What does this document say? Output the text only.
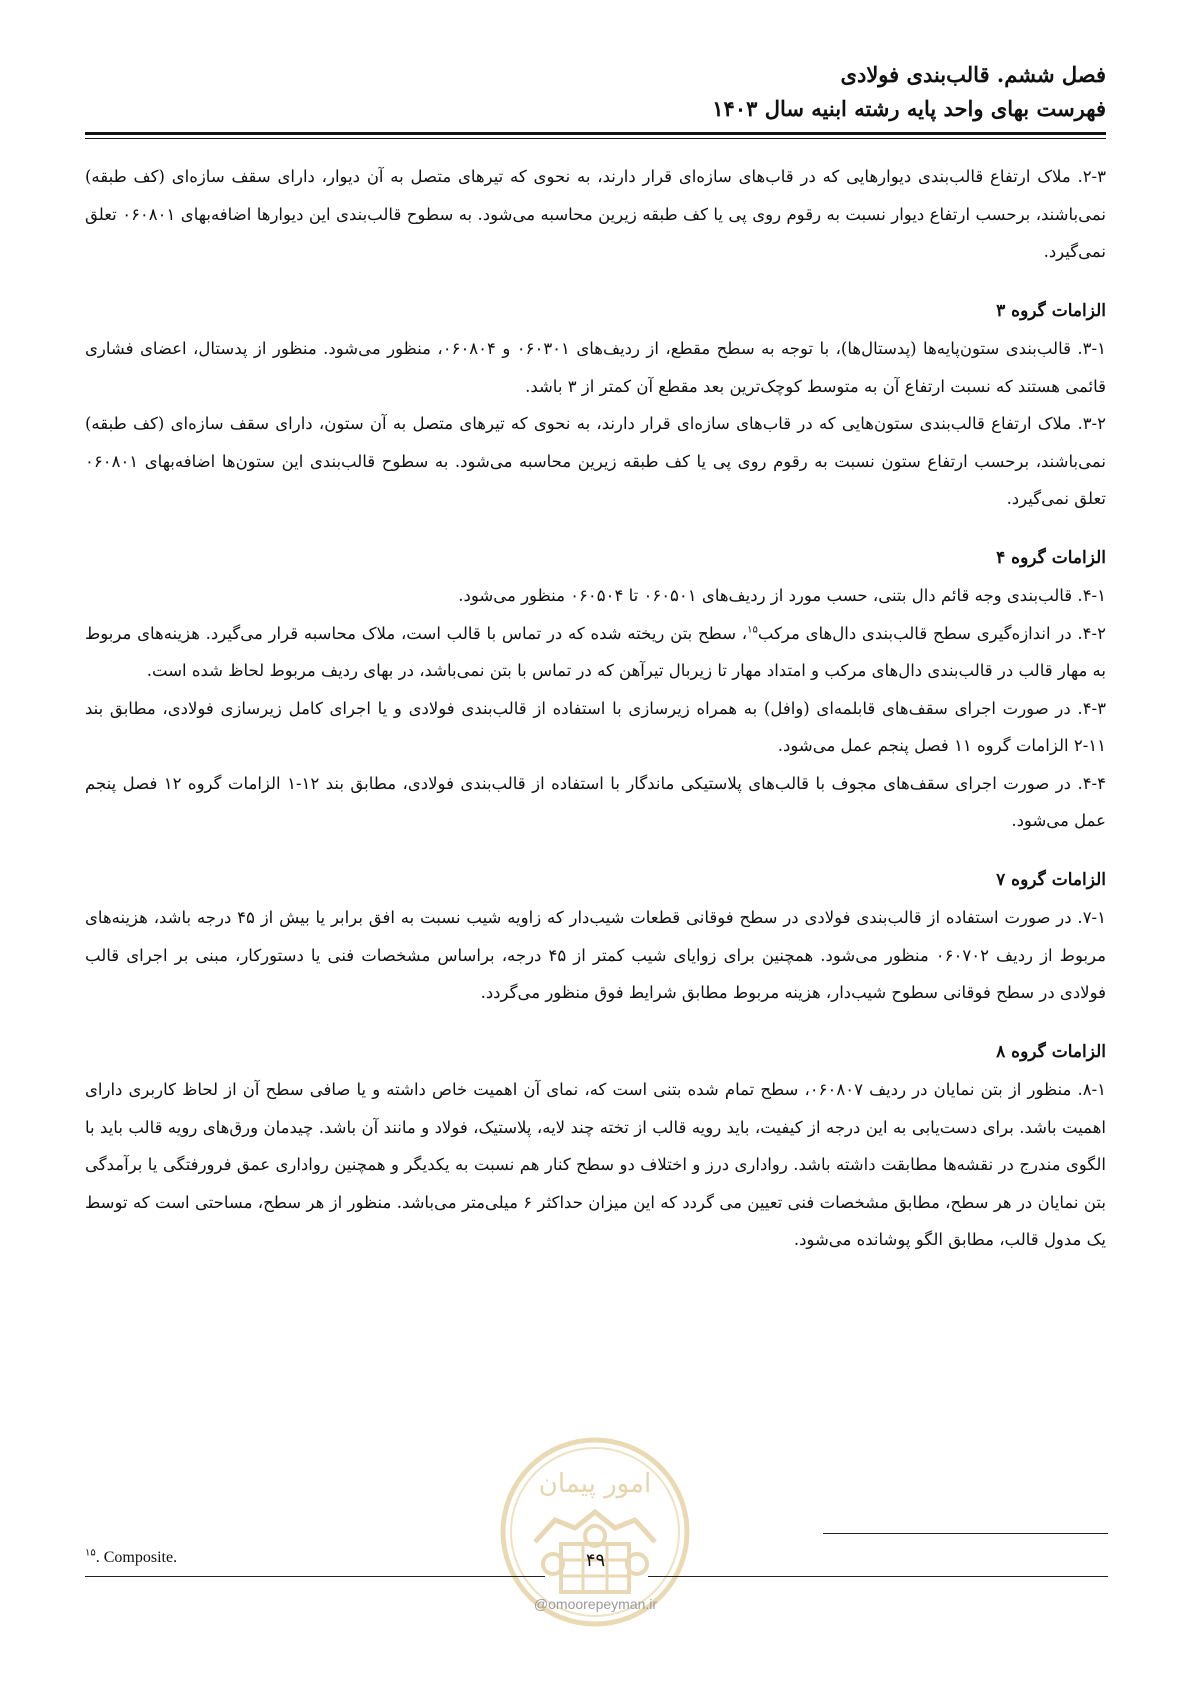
فصل ششم. قالب‌بندی فولادی
فهرست بهای واحد پایه رشته ابنیه سال ۱۴۰۳

۲-۳. ملاک ارتفاع قالب‌بندی دیوارهایی که در قاب‌های سازه‌ای قرار دارند، به نحوی که تیرهای متصل به آن دیوار، دارای سقف سازه‌ای (کف طبقه) نمی‌باشند، برحسب ارتفاع دیوار نسبت به رقوم روی پی یا کف طبقه زیرین محاسبه می‌شود. به سطوح قالب‌بندی این دیوارها اضافه‌بهای ۰۶۰۸۰۱ تعلق نمی‌گیرد.

الزامات گروه ۳

۳-۱. قالب‌بندی ستون‌پایه‌ها (پدستال‌ها)، با توجه به سطح مقطع، از ردیف‌های ۰۶۰۳۰۱ و ۰۶۰۸۰۴، منظور می‌شود. منظور از پدستال، اعضای فشاری قائمی هستند که نسبت ارتفاع آن به متوسط کوچک‌ترین بعد مقطع آن کمتر از ۳ باشد.

۳-۲. ملاک ارتفاع قالب‌بندی ستون‌هایی که در قاب‌های سازه‌ای قرار دارند، به نحوی که تیرهای متصل به آن ستون، دارای سقف سازه‌ای (کف طبقه) نمی‌باشند، برحسب ارتفاع ستون نسبت به رقوم روی پی یا کف طبقه زیرین محاسبه می‌شود. به سطوح قالب‌بندی این ستون‌ها اضافه‌بهای ۰۶۰۸۰۱ تعلق نمی‌گیرد.

الزامات گروه ۴

۴-۱. قالب‌بندی وجه قائم دال بتنی، حسب مورد از ردیف‌های ۰۶۰۵۰۱ تا ۰۶۰۵۰۴ منظور می‌شود.

۴-۲. در اندازه‌گیری سطح قالب‌بندی دال‌های مرکب$^{۱۵}$، سطح بتن ریخته شده که در تماس با قالب است، ملاک محاسبه قرار می‌گیرد. هزینه‌های مربوط به مهار قالب در قالب‌بندی دال‌های مرکب و امتداد مهار تا زیربال تیرآهن که در تماس با بتن نمی‌باشد، در بهای ردیف مربوط لحاظ شده است.

۴-۳. در صورت اجرای سقف‌های قابلمه‌ای (وافل) به همراه زیرسازی با استفاده از قالب‌بندی فولادی و یا اجرای کامل زیرسازی فولادی، مطابق بند ۱۱-۲ الزامات گروه ۱۱ فصل پنجم عمل می‌شود.

۴-۴. در صورت اجرای سقف‌های مجوف با قالب‌های پلاستیکی ماندگار با استفاده از قالب‌بندی فولادی، مطابق بند ۱۲-۱ الزامات گروه ۱۲ فصل پنجم عمل می‌شود.

الزامات گروه ۷

۷-۱. در صورت استفاده از قالب‌بندی فولادی در سطح فوقانی قطعات شیب‌دار که زاویه شیب نسبت به افق برابر یا بیش از ۴۵ درجه باشد، هزینه‌های مربوط از ردیف ۰۶۰۷۰۲ منظور می‌شود. همچنین برای زوایای شیب کمتر از ۴۵ درجه، براساس مشخصات فنی یا دستورکار، مبنی بر اجرای قالب فولادی در سطح فوقانی سطوح شیب‌دار، هزینه مربوط مطابق شرایط فوق منظور می‌گردد.

الزامات گروه ۸

۸-۱. منظور از بتن نمایان در ردیف ۰۶۰۸۰۷، سطح تمام شده بتنی است که، نمای آن اهمیت خاص داشته و یا صافی سطح آن از لحاظ کاربری دارای اهمیت باشد. برای دست‌یابی به این درجه از کیفیت، باید رویه قالب از تخته چند لایه، پلاستیک، فولاد و مانند آن باشد. چیدمان ورق‌های رویه قالب باید با الگوی مندرج در نقشه‌ها مطابقت داشته باشد. رواداری درز و اختلاف دو سطح کنار هم نسبت به یکدیگر و همچنین رواداری عمق فرورفتگی یا برآمدگی بتن نمایان در هر سطح، مطابق مشخصات فنی تعیین می گردد که این میزان حداکثر ۶ میلی‌متر می‌باشد. منظور از هر سطح، مساحتی است که توسط یک مدول قالب، مطابق الگو پوشانده می‌شود.

امور پیمان
$^{۱۵}$. Composite.	۴۹
@omoorepeyman.ir
